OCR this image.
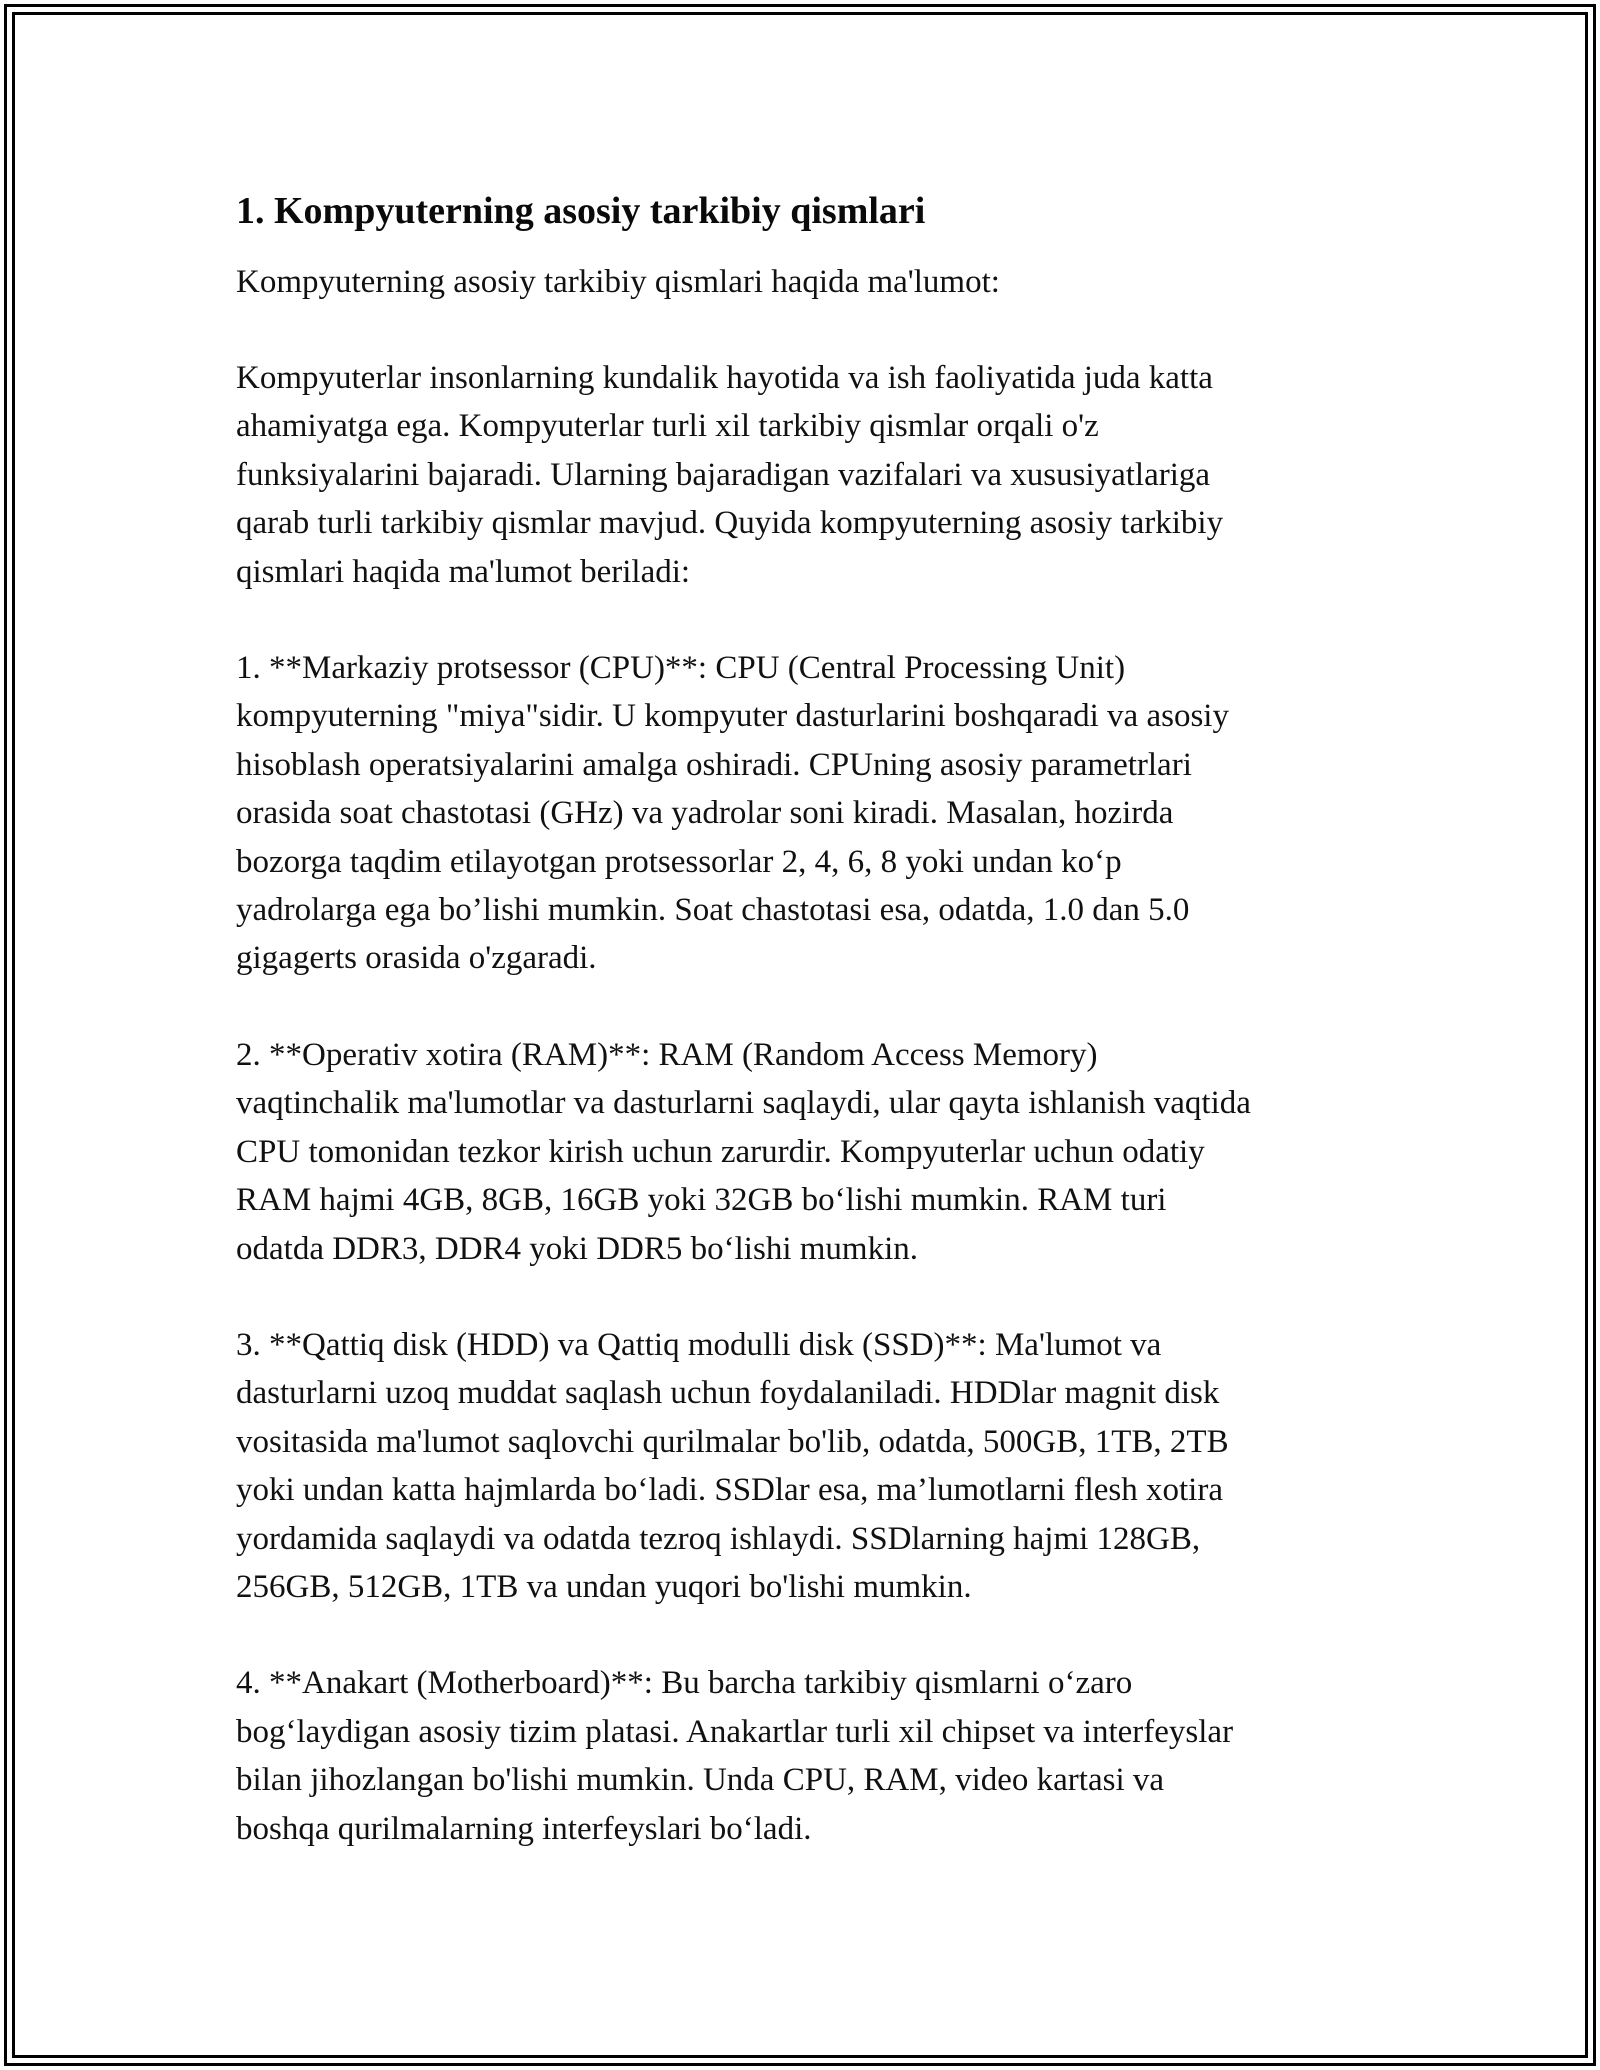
1. Kompyuterning asosiy tarkibiy qismlari

Kompyuterning asosiy tarkibiy qismlari haqida ma'lumot:

Kompyuterlar insonlarning kundalik hayotida va ish faoliyatida juda katta
ahamiyatga ega. Kompyuterlar turli xil tarkibiy qismlar orqali o'z
funksiyalarini bajaradi. Ularning bajaradigan vazifalari va xususiyatlariga
qarab turli tarkibiy qismlar mavjud. Quyida kompyuterning asosiy tarkibiy
qismlari haqida ma'lumot beriladi:

1. **Markaziy protsessor (CPU)**: CPU (Central Processing Unit)
kompyuterning "miya"sidir. U kompyuter dasturlarini boshqaradi va asosiy
hisoblash operatsiyalarini amalga oshiradi. CPUning asosiy parametrlari
orasida soat chastotasi (GHz) va yadrolar soni kiradi. Masalan, hozirda
bozorga taqdim etilayotgan protsessorlar 2, 4, 6, 8 yoki undan ko‘p
yadrolarga ega bo’lishi mumkin. Soat chastotasi esa, odatda, 1.0 dan 5.0
gigagerts orasida o'zgaradi.

2. **Operativ xotira (RAM)**: RAM (Random Access Memory)
vaqtinchalik ma'lumotlar va dasturlarni saqlaydi, ular qayta ishlanish vaqtida
CPU tomonidan tezkor kirish uchun zarurdir. Kompyuterlar uchun odatiy
RAM hajmi 4GB, 8GB, 16GB yoki 32GB bo‘lishi mumkin. RAM turi
odatda DDR3, DDR4 yoki DDR5 bo‘lishi mumkin.

3. **Qattiq disk (HDD) va Qattiq modulli disk (SSD)**: Ma'lumot va
dasturlarni uzoq muddat saqlash uchun foydalaniladi. HDDlar magnit disk
vositasida ma'lumot saqlovchi qurilmalar bo'lib, odatda, 500GB, 1TB, 2TB
yoki undan katta hajmlarda bo‘ladi. SSDlar esa, ma’lumotlarni flesh xotira
yordamida saqlaydi va odatda tezroq ishlaydi. SSDlarning hajmi 128GB,
256GB, 512GB, 1TB va undan yuqori bo'lishi mumkin.

4. **Anakart (Motherboard)**: Bu barcha tarkibiy qismlarni o‘zaro
bog‘laydigan asosiy tizim platasi. Anakartlar turli xil chipset va interfeyslar
bilan jihozlangan bo'lishi mumkin. Unda CPU, RAM, video kartasi va
boshqa qurilmalarning interfeyslari bo‘ladi.
